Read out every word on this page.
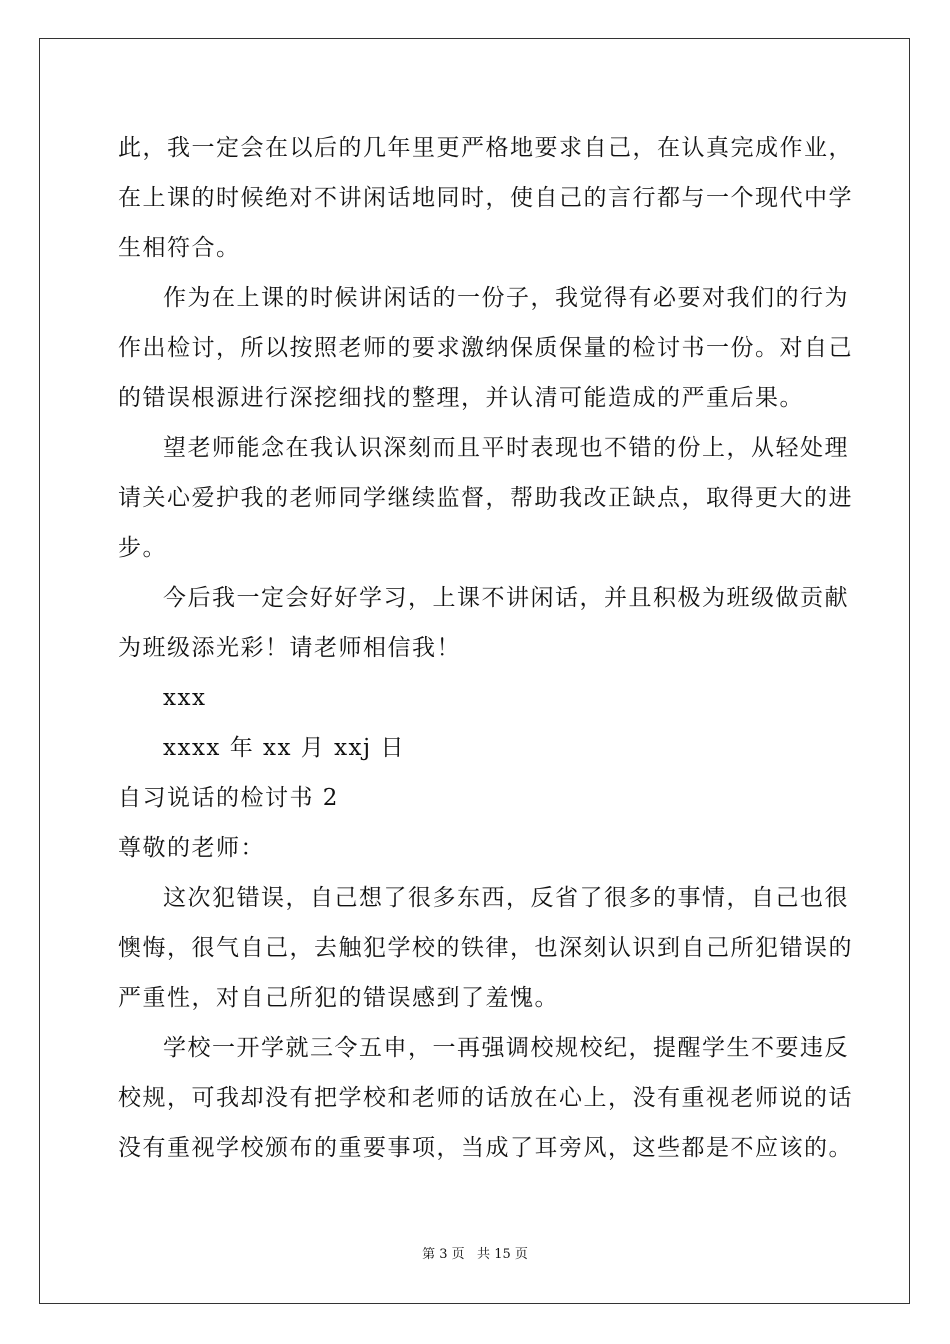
此，我一定会在以后的几年里更严格地要求自己，在认真完成作业，
在上课的时候绝对不讲闲话地同时，使自己的言行都与一个现代中学
生相符合。
作为在上课的时候讲闲话的一份子，我觉得有必要对我们的行为
作出检讨，所以按照老师的要求激纳保质保量的检讨书一份。对自己
的错误根源进行深挖细找的整理，并认清可能造成的严重后果。
望老师能念在我认识深刻而且平时表现也不错的份上，从轻处理
请关心爱护我的老师同学继续监督，帮助我改正缺点，取得更大的进
步。
今后我一定会好好学习，上课不讲闲话，并且积极为班级做贡献
为班级添光彩！请老师相信我！
xxx
xxxx 年 xx 月 xxj 日
自习说话的检讨书 2
尊敬的老师：
这次犯错误，自己想了很多东西，反省了很多的事情，自己也很
懊悔，很气自己，去触犯学校的铁律，也深刻认识到自己所犯错误的
严重性，对自己所犯的错误感到了羞愧。
学校一开学就三令五申，一再强调校规校纪，提醒学生不要违反
校规，可我却没有把学校和老师的话放在心上，没有重视老师说的话
没有重视学校颁布的重要事项，当成了耳旁风，这些都是不应该的。
第 3 页   共 15 页
